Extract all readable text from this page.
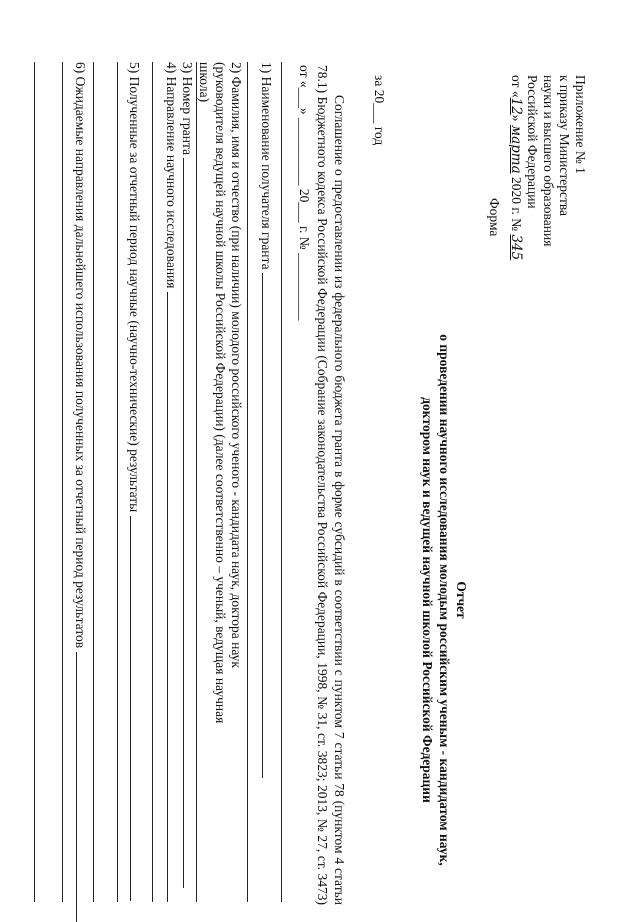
Приложение № 1
к приказу Министерства
науки и высшего образования
Российской Федерации
от «12» марта 2020 г. № 345
Форма
Отчет
о проведении научного исследования молодым российским ученым - кандидатом наук,
доктором наук и ведущей научной школой Российской Федерации
за 20___ год
Соглашение о предоставлении из федерального бюджета гранта в форме субсидий в соответствии с пунктом 7 статьи 78 (пунктом 4 статьи 78.1) Бюджетного кодекса Российской Федерации (Собрание законодательства Российской Федерации, 1998, № 31, ст. 3823; 2013, № 27, ст. 3473) от «___» __________ 20___ г. № __________
1) Наименование получателя гранта
2) Фамилия, имя и отчество (при наличии) молодого российского ученого - кандидата наук, доктора наук
(руководителя ведущей научной школы Российской Федерации) (далее соответственно – ученый, ведущая научная
школа)
3) Номер гранта
4) Направление научного исследования
5) Полученные за отчетный период научные (научно-технические) результаты
6) Ожидаемые направления дальнейшего использования полученных за отчетный период результатов
